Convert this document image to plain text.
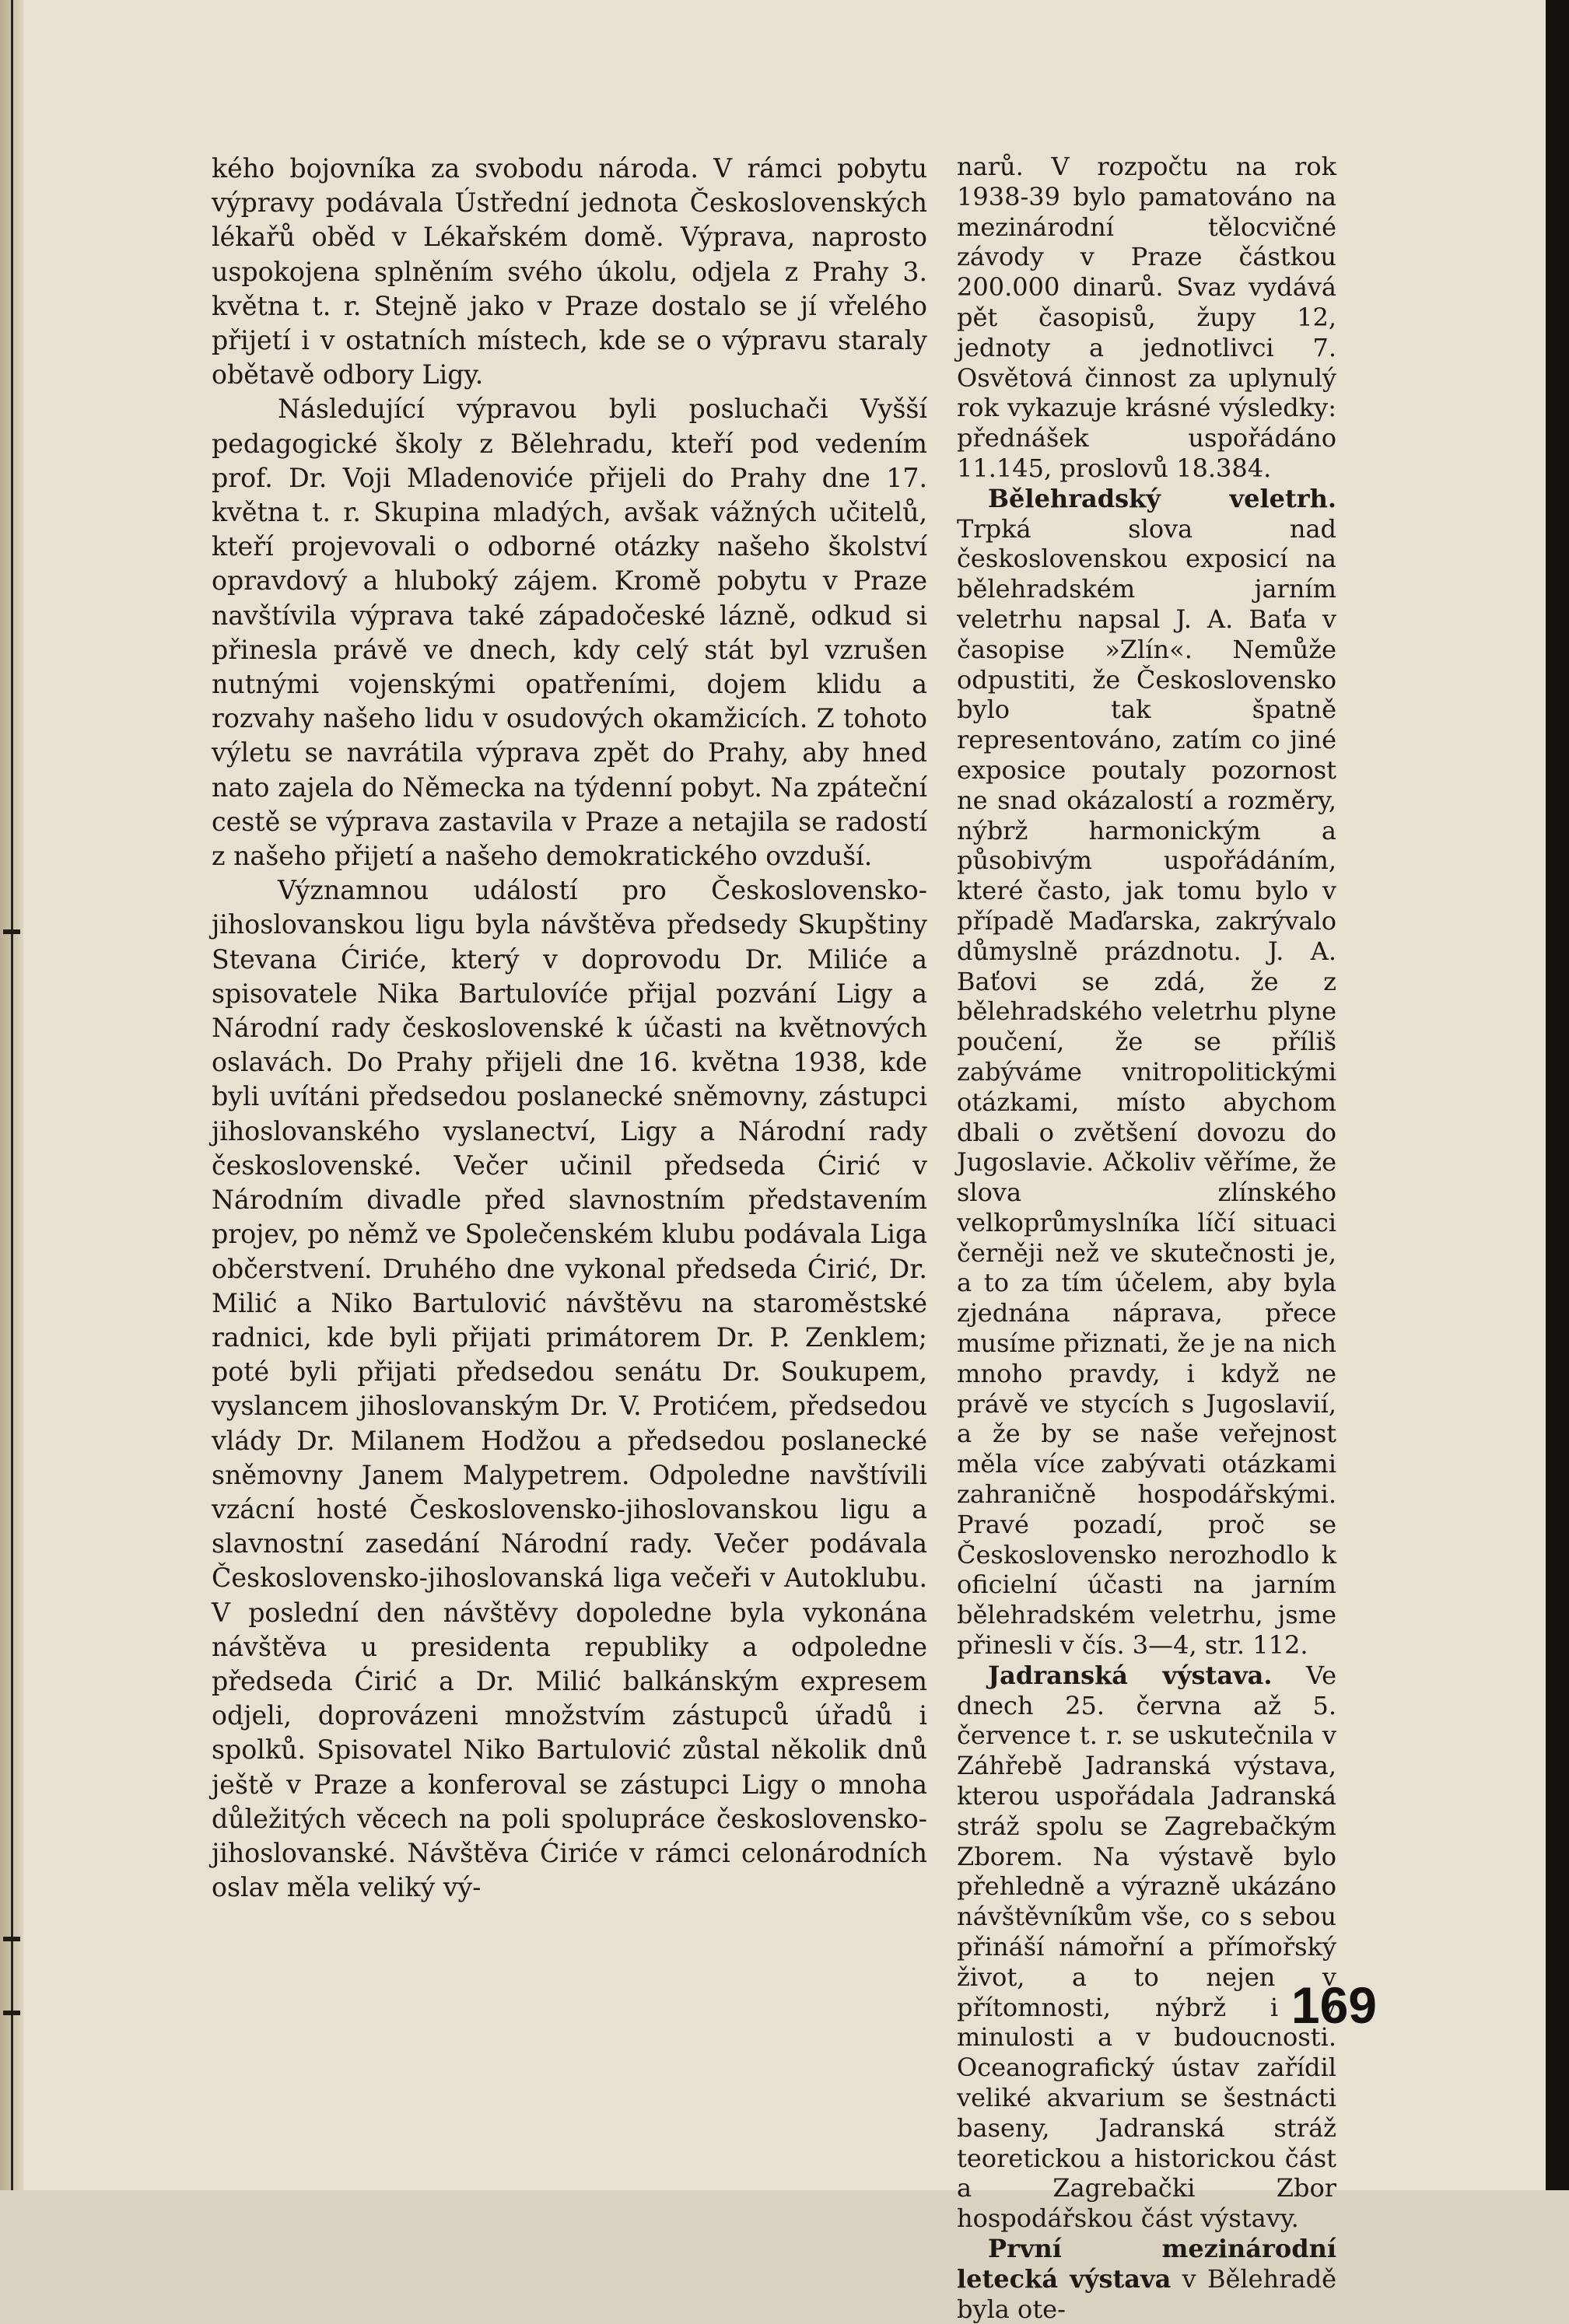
kého bojovníka za svobodu národa. V rámci pobytu výpravy podávala Ústřední jednota Československých lékařů oběd v Lékařském domě. Výprava, naprosto uspokojena splněním svého úkolu, odjela z Prahy 3. května t. r. Stejně jako v Praze dostalo se jí vřelého přijetí i v ostatních místech, kde se o výpravu staraly obětavě odbory Ligy.

Následující výpravou byli posluchači Vyšší pedagogické školy z Bělehradu, kteří pod vedením prof. Dr. Voji Mladenoviće přijeli do Prahy dne 17. května t. r. Skupina mladých, avšak vážných učitelů, kteří projevovali o odborné otázky našeho školství opravdový a hluboký zájem. Kromě pobytu v Praze navštívila výprava také západočeské lázně, odkud si přinesla právě ve dnech, kdy celý stát byl vzrušen nutnými vojenskými opatřeními, dojem klidu a rozvahy našeho lidu v osudových okamžicích. Z tohoto výletu se navrátila výprava zpět do Prahy, aby hned nato zajela do Německa na týdenní pobyt. Na zpáteční cestě se výprava zastavila v Praze a netajila se radostí z našeho přijetí a našeho demokratického ovzduší.

Významnou událostí pro Československo-jihoslovanskou ligu byla návštěva předsedy Skupštiny Stevana Ćiriće, který v doprovodu Dr. Miliće a spisovatele Nika Bartulovíće přijal pozvání Ligy a Národní rady československé k účasti na květnových oslavách. Do Prahy přijeli dne 16. května 1938, kde byli uvítáni předsedou poslanecké sněmovny, zástupci jihoslovanského vyslanectví, Ligy a Národní rady československé. Večer učinil předseda Ćirić v Národním divadle před slavnostním představením projev, po němž ve Společenském klubu podávala Liga občerstvení. Druhého dne vykonal předseda Ćirić, Dr. Milić a Niko Bartulović návštěvu na staroměstské radnici, kde byli přijati primátorem Dr. P. Zenklem; poté byli přijati předsedou senátu Dr. Soukupem, vyslancem jihoslovanským Dr. V. Protićem, předsedou vlády Dr. Milanem Hodžou a předsedou poslanecké sněmovny Janem Malypetrem. Odpoledne navštívili vzácní hosté Československo-jihoslovanskou ligu a slavnostní zasedání Národní rady. Večer podávala Československo-jihoslovanská liga večeři v Autoklubu. V poslední den návštěvy dopoledne byla vykonána návštěva u presidenta republiky a odpoledne předseda Ćirić a Dr. Milić balkánským expresem odjeli, doprovázeni množstvím zástupců úřadů i spolků. Spisovatel Niko Bartulović zůstal několik dnů ještě v Praze a konferoval se zástupci Ligy o mnoha důležitých věcech na poli spolupráce československo-jihoslovanské. Návštěva Ćiriće v rámci celonárodních oslav měla veliký vý-

narů. V rozpočtu na rok 1938-39 bylo pamatováno na mezinárodní tělocvičné závody v Praze částkou 200.000 dinarů. Svaz vydává pět časopisů, župy 12, jednoty a jednotlivci 7. Osvětová činnost za uplynulý rok vykazuje krásné výsledky: přednášek uspořádáno 11.145, proslovů 18.384.

Bělehradský veletrh. Trpká slova nad československou exposicí na bělehradském jarním veletrhu napsal J. A. Baťa v časopise »Zlín«. Nemůže odpustiti, že Československo bylo tak špatně representováno, zatím co jiné exposice poutaly pozornost ne snad okázalostí a rozměry, nýbrž harmonickým a působivým uspořádáním, které často, jak tomu bylo v případě Maďarska, zakrývalo důmyslně prázdnotu. J. A. Baťovi se zdá, že z bělehradského veletrhu plyne poučení, že se příliš zabýváme vnitropolitickými otázkami, místo abychom dbali o zvětšení dovozu do Jugoslavie. Ačkoliv věříme, že slova zlínského velkoprůmyslníka líčí situaci černěji než ve skutečnosti je, a to za tím účelem, aby byla zjednána náprava, přece musíme přiznati, že je na nich mnoho pravdy, i když ne právě ve stycích s Jugoslavií, a že by se naše veřejnost měla více zabývati otázkami zahraničně hospodářskými. Pravé pozadí, proč se Československo nerozhodlo k oficielní účasti na jarním bělehradském veletrhu, jsme přinesli v čís. 3—4, str. 112.

Jadranská výstava. Ve dnech 25. června až 5. července t. r. se uskutečnila v Záhřebě Jadranská výstava, kterou uspořádala Jadranská stráž spolu se Zagrebačkým Zborem. Na výstavě bylo přehledně a výrazně ukázáno návštěvníkům vše, co s sebou přináší námořní a přímořský život, a to nejen v přítomnosti, nýbrž i v minulosti a v budoucnosti. Oceanografický ústav zařídil veliké akvarium se šestnácti baseny, Jadranská stráž teoretickou a historickou část a Zagrebački Zbor hospodářskou část výstavy.

První mezinárodní letecká výstava v Bělehradě byla ote-

169
